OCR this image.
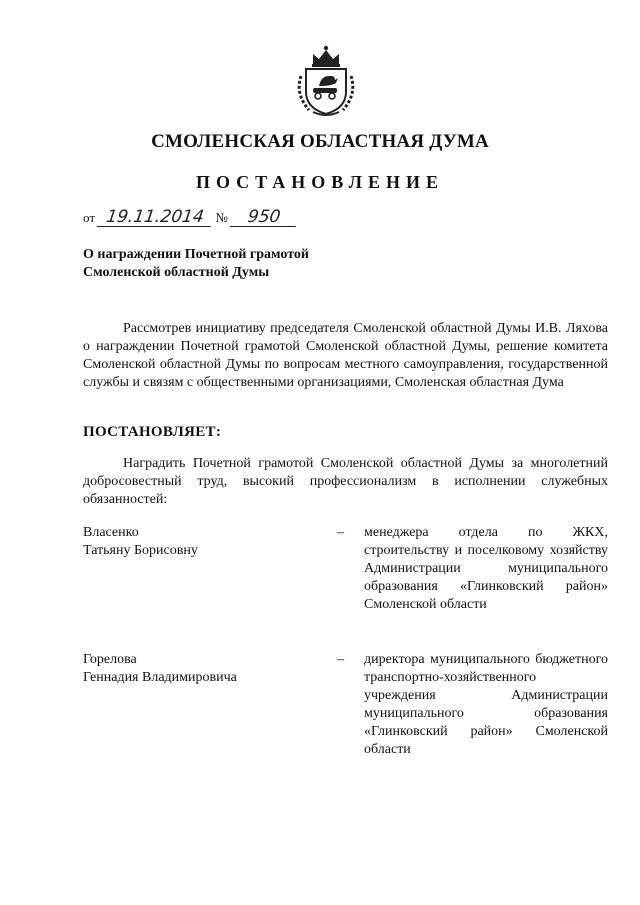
СМОЛЕНСКАЯ ОБЛАСТНАЯ ДУМА
ПОСТАНОВЛЕНИЕ
от 19.11.2014 № 950
О награждении Почетной грамотой
Смоленской областной Думы
Рассмотрев инициативу председателя Смоленской областной Думы И.В. Ляхова о награждении Почетной грамотой Смоленской областной Думы, решение комитета Смоленской областной Думы по вопросам местного самоуправления, государственной службы и связям с общественными организациями, Смоленская областная Дума
ПОСТАНОВЛЯЕТ:
Наградить Почетной грамотой Смоленской областной Думы за многолетний добросовестный труд, высокий профессионализм в исполнении служебных обязанностей:
Власенко
Татьяну Борисовну
– менеджера отдела по ЖКХ, строительству и поселковому хозяйству Администрации муниципального образования «Глинковский район» Смоленской области
Горелова
Геннадия Владимировича
– директора муниципального бюджетного транспортно-хозяйственного учреждения Администрации муниципального образования «Глинковский район» Смоленской области
